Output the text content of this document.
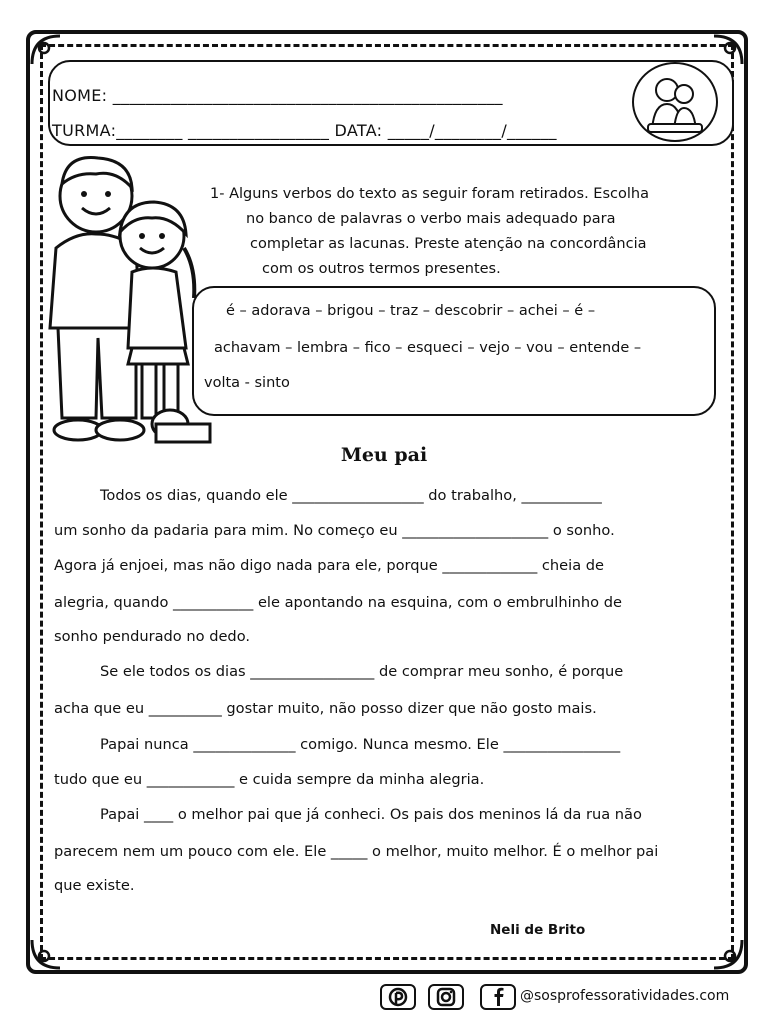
NOME: _______________________________________________
TURMA:________ _________________ DATA: _____/________/______
1- Alguns verbos do texto as seguir foram retirados. Escolha
no banco de palavras o verbo mais adequado para
completar as lacunas. Preste atenção na concordância
com os outros termos presentes.
é – adorava – brigou – traz – descobrir – achei – é –
achavam – lembra – fico – esqueci – vejo – vou – entende –
volta - sinto
Meu pai
Todos os dias, quando ele __________________ do trabalho, ___________
um sonho da padaria para mim. No começo eu ____________________ o sonho.
Agora já enjoei, mas não digo nada para ele, porque _____________ cheia de
alegria, quando ___________ ele apontando na esquina, com o embrulhinho de
sonho pendurado no dedo.
Se ele todos os dias _________________ de comprar meu sonho, é porque
acha que eu __________ gostar muito, não posso dizer que não gosto mais.
Papai nunca ______________ comigo. Nunca mesmo. Ele ________________
tudo que eu ____________ e cuida sempre da minha alegria.
Papai ____ o melhor pai que já conheci. Os pais dos meninos lá da rua não
parecem nem um pouco com ele. Ele _____ o melhor, muito melhor. É o melhor pai
que existe.
Neli de Brito
@sosprofessoratividades.com
